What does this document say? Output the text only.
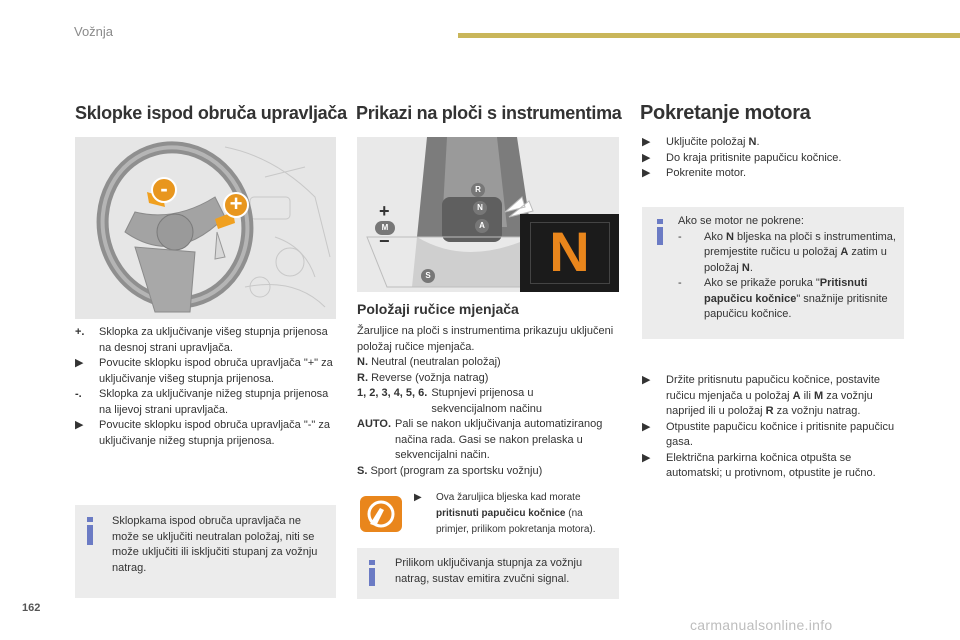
Vožnja
Sklopke ispod obruča upravljača
-
+
+.	Sklopka za uključivanje višeg stupnja prijenosa na desnoj strani upravljača.
▶	Povucite sklopku ispod obruča upravljača "+" za uključivanje višeg stupnja prijenosa.
-.	Sklopka za uključivanje nižeg stupnja prijenosa na lijevoj strani upravljača.
▶	Povucite sklopku ispod obruča upravljača "-" za uključivanje nižeg stupnja prijenosa.
Sklopkama ispod obruča upravljača ne može se uključiti neutralan položaj, niti se može uključiti ili isključiti stupanj za vožnju natrag.
Prikazi na ploči s instrumentima
R
N
A
S
+
M
−	N
Položaji ručice mjenjača
Žaruljice na ploči s instrumentima prikazuju uključeni položaj ručice mjenjača.
N. Neutral (neutralan položaj)
R. Reverse (vožnja natrag)
1, 2, 3, 4, 5, 6. Stupnjevi prijenosa u sekvencijalnom načinu
AUTO. Pali se nakon uključivanja automatiziranog načina rada. Gasi se nakon prelaska u sekvencijalni način.
S. Sport (program za sportsku vožnju)
▶	Ova žaruljica bljeska kad morate
pritisnuti papučicu kočnice (na
primjer, prilikom pokretanja motora).
Prilikom uključivanja stupnja za vožnju natrag, sustav emitira zvučni signal.
Pokretanje motora
▶	Uključite položaj N.
▶	Do kraja pritisnite papučicu kočnice.
▶	Pokrenite motor.
Ako se motor ne pokrene:
-	Ako N bljeska na ploči s instrumentima, premjestite ručicu u položaj A zatim u položaj N.
-	Ako se prikaže poruka "Pritisnuti papučicu kočnice" snažnije pritisnite papučicu kočnice.
▶	Držite pritisnutu papučicu kočnice, postavite ručicu mjenjača u položaj A ili M za vožnju naprijed ili u položaj R za vožnju natrag.
▶	Otpustite papučicu kočnice i pritisnite papučicu gasa.
▶	Električna parkirna kočnica otpušta se automatski; u protivnom, otpustite je ručno.
162
carmanualsonline.info
